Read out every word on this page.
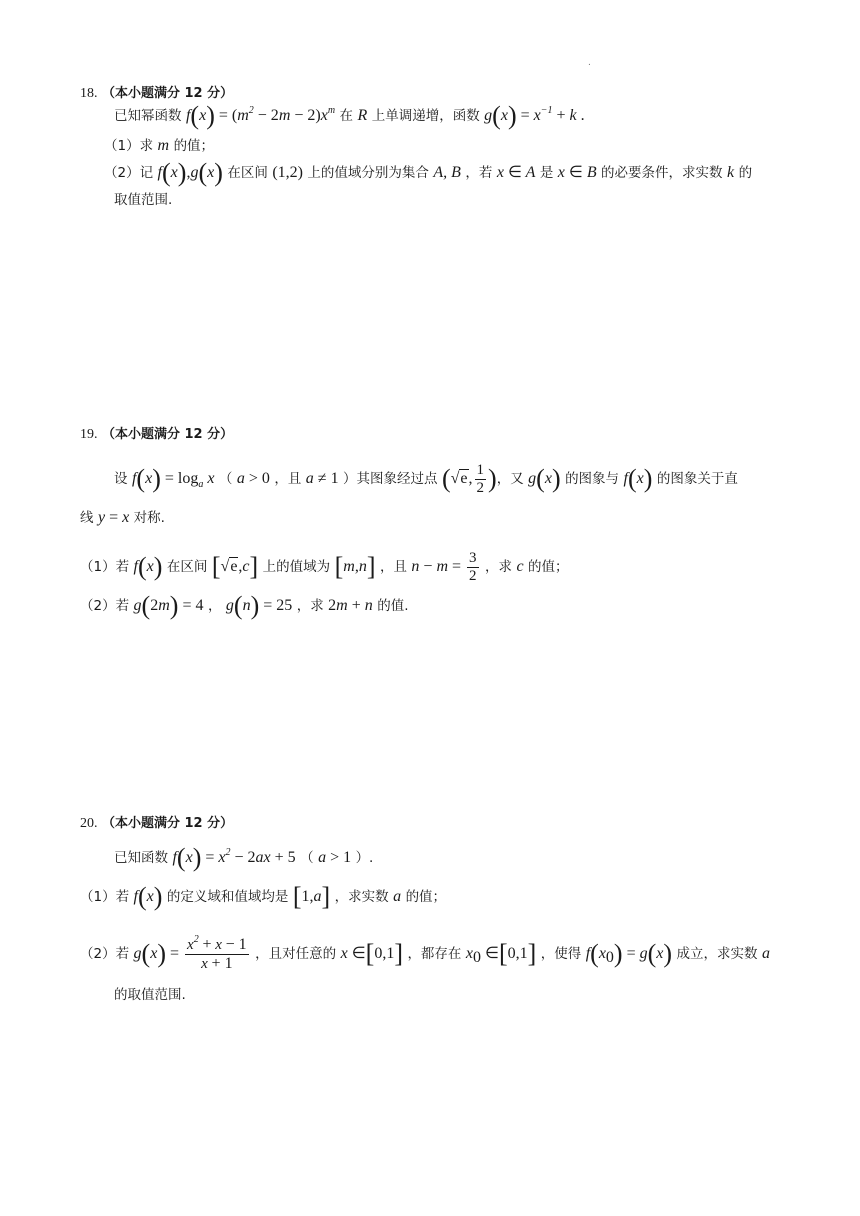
.
18. （本小题满分 12 分）
已知幂函数 $f(x) = (m^2 - 2m - 2)x^m$ 在 R 上单调递增，函数 $g(x) = x^{-1} + k$ .
（1）求 m 的值；
（2）记 f(x),g(x) 在区间 (1,2) 上的值域分别为集合 A, B ，若 x ∈ A 是 x ∈ B 的必要条件，求实数 k 的
取值范围.
19. （本小题满分 12 分）
设 $f(x) = \log_a x$ （ a > 0 ，且 a ≠ 1 ）其图象经过点 (√e, $\frac{1}{2}$ )，又 g(x) 的图象与 f(x) 的图象关于直
线 y = x 对称.
（1）若 f(x) 在区间 [√e,c] 上的值域为 [m,n] ，且 $n - m = \frac{3}{2}$ ，求 c 的值；
（2）若 g(2m) = 4 ， g(n) = 25 ，求 2m + n 的值.
20. （本小题满分 12 分）
已知函数 $f(x) = x^2 - 2ax + 5$ （ a > 1 ）.
（1）若 f(x) 的定义域和值域均是 [1,a] ，求实数 a 的值；
（2）若 $g(x) = \frac{x^2 + x - 1}{x + 1}$ ，且对任意的 x ∈[0,1] ，都存在 $x_0$ ∈[0,1] ，使得 $f(x_0) = g(x)$ 成立，求实数 a
的取值范围.
